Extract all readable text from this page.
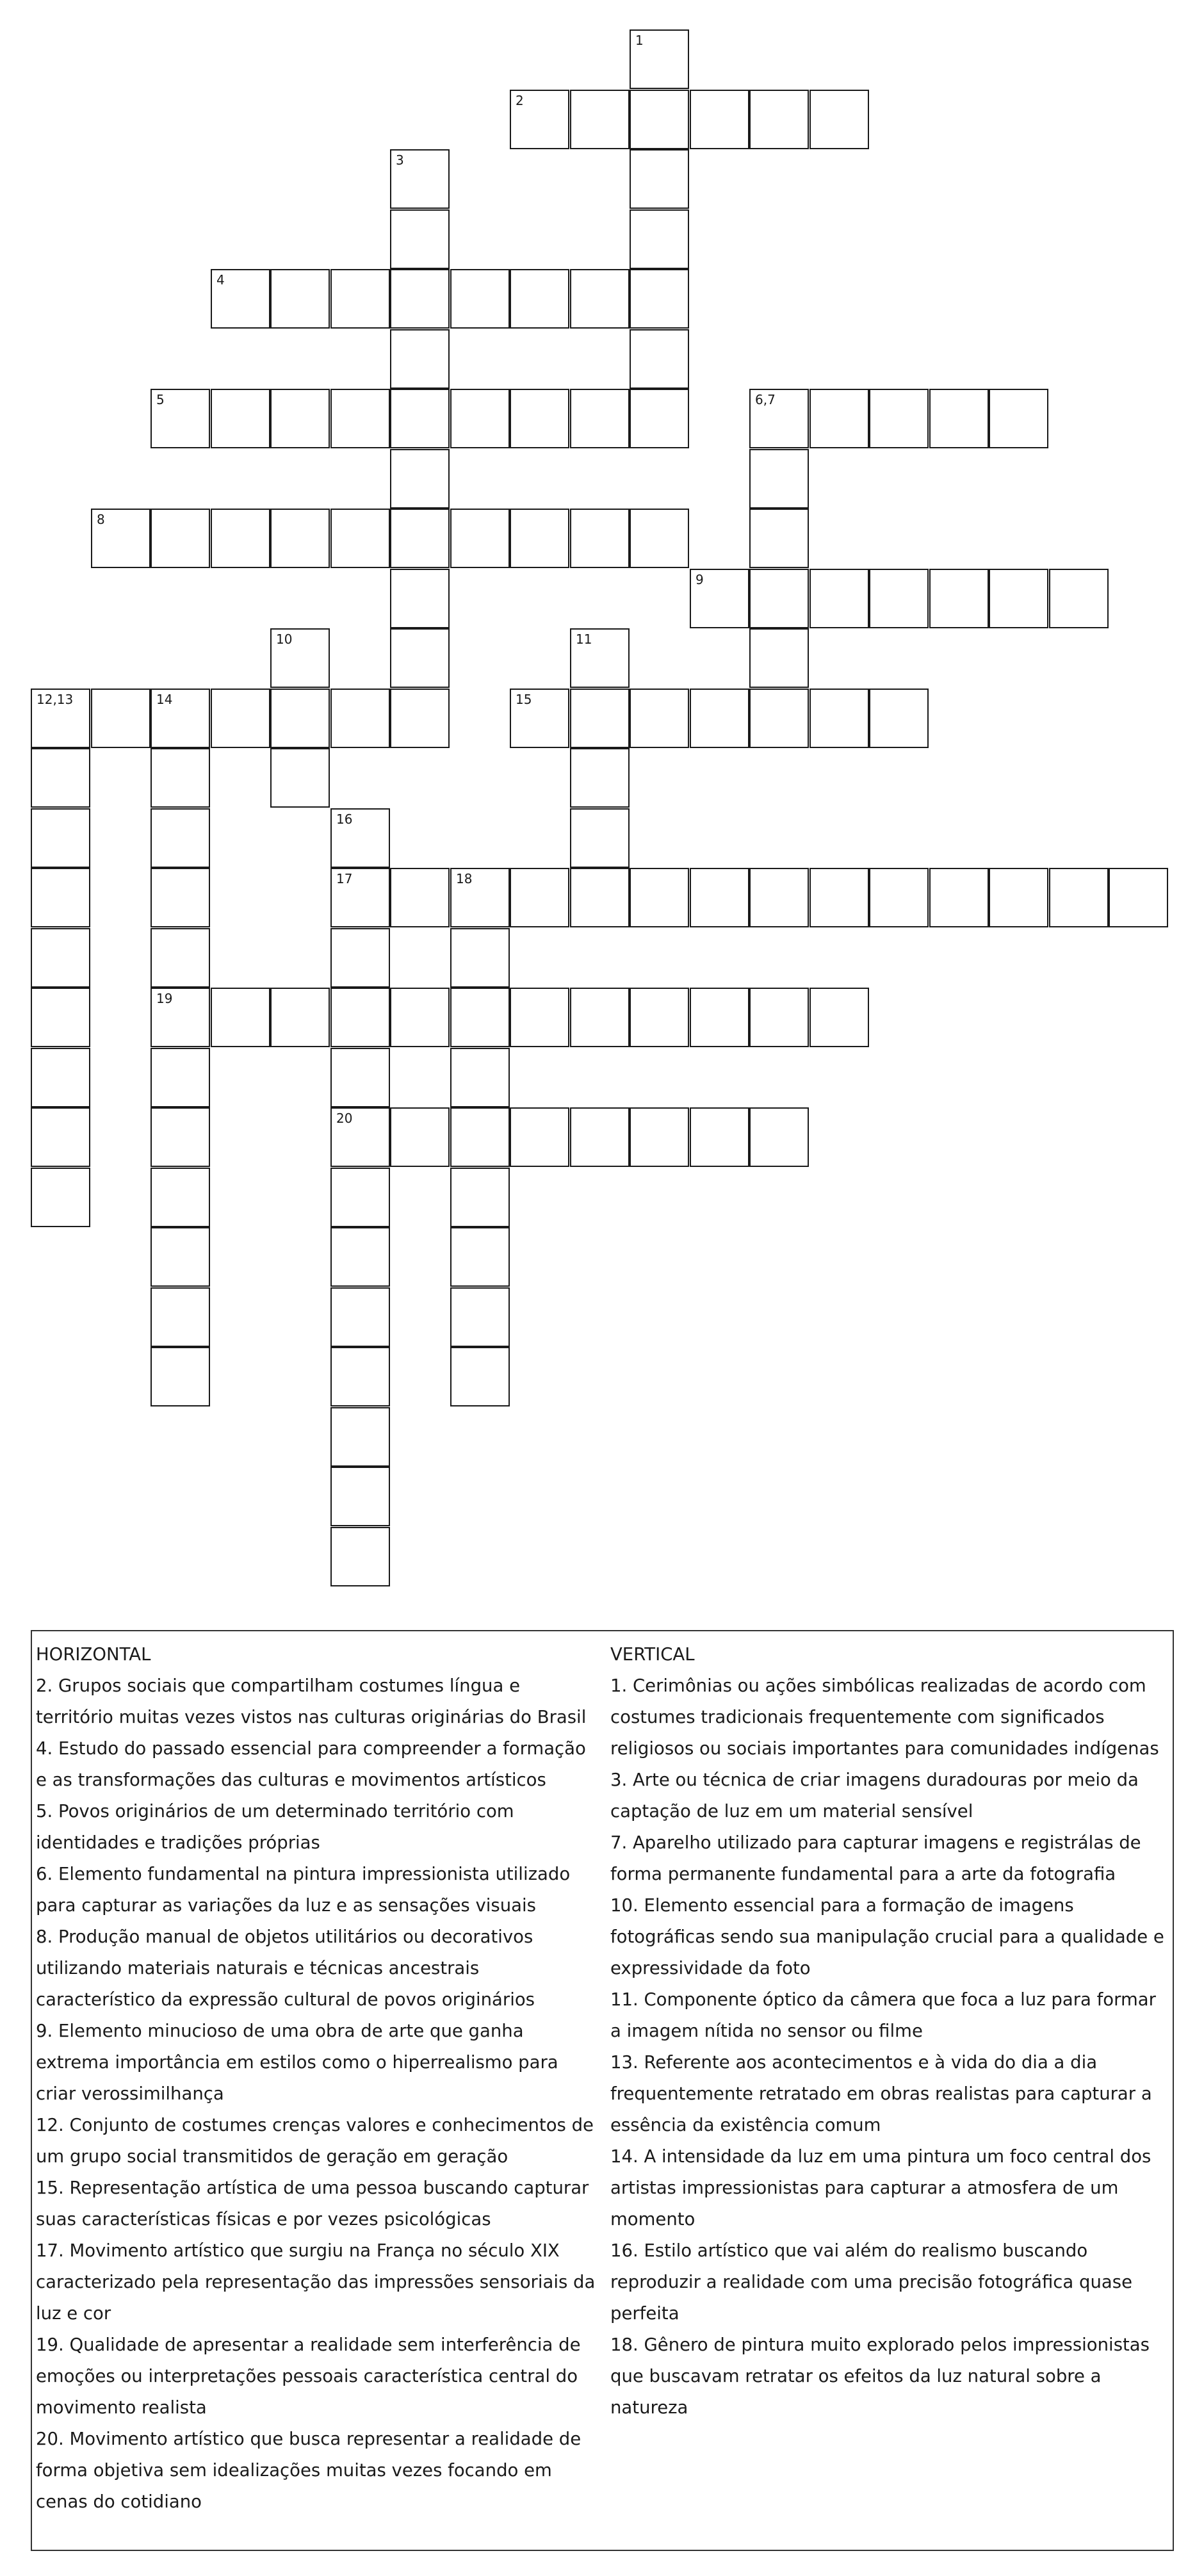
1
2
3
4
5	6,7
8
9
10	11
12,13	14	15
16
17	18
19
20
HORIZONTAL
2. Grupos sociais que compartilham costumes língua e território muitas vezes vistos nas culturas originárias do Brasil
4. Estudo do passado essencial para compreender a formação e as transformações das culturas e movimentos artísticos
5. Povos originários de um determinado território com identidades e tradições próprias
6. Elemento fundamental na pintura impressionista utilizado para capturar as variações da luz e as sensações visuais
8. Produção manual de objetos utilitários ou decorativos utilizando materiais naturais e técnicas ancestrais característico da expressão cultural de povos originários
9. Elemento minucioso de uma obra de arte que ganha extrema importância em estilos como o hiperrealismo para criar verossimilhança
12. Conjunto de costumes crenças valores e conhecimentos de um grupo social transmitidos de geração em geração
15. Representação artística de uma pessoa buscando capturar suas características físicas e por vezes psicológicas
17. Movimento artístico que surgiu na França no século XIX caracterizado pela representação das impressões sensoriais da luz e cor
19. Qualidade de apresentar a realidade sem interferência de emoções ou interpretações pessoais característica central do movimento realista
20. Movimento artístico que busca representar a realidade de forma objetiva sem idealizações muitas vezes focando em cenas do cotidiano
VERTICAL
1. Cerimônias ou ações simbólicas realizadas de acordo com costumes tradicionais frequentemente com significados religiosos ou sociais importantes para comunidades indígenas
3. Arte ou técnica de criar imagens duradouras por meio da captação de luz em um material sensível
7. Aparelho utilizado para capturar imagens e registrálas de forma permanente fundamental para a arte da fotografia
10. Elemento essencial para a formação de imagens fotográficas sendo sua manipulação crucial para a qualidade e expressividade da foto
11. Componente óptico da câmera que foca a luz para formar a imagem nítida no sensor ou filme
13. Referente aos acontecimentos e à vida do dia a dia frequentemente retratado em obras realistas para capturar a essência da existência comum
14. A intensidade da luz em uma pintura um foco central dos artistas impressionistas para capturar a atmosfera de um momento
16. Estilo artístico que vai além do realismo buscando reproduzir a realidade com uma precisão fotográfica quase perfeita
18. Gênero de pintura muito explorado pelos impressionistas que buscavam retratar os efeitos da luz natural sobre a natureza
